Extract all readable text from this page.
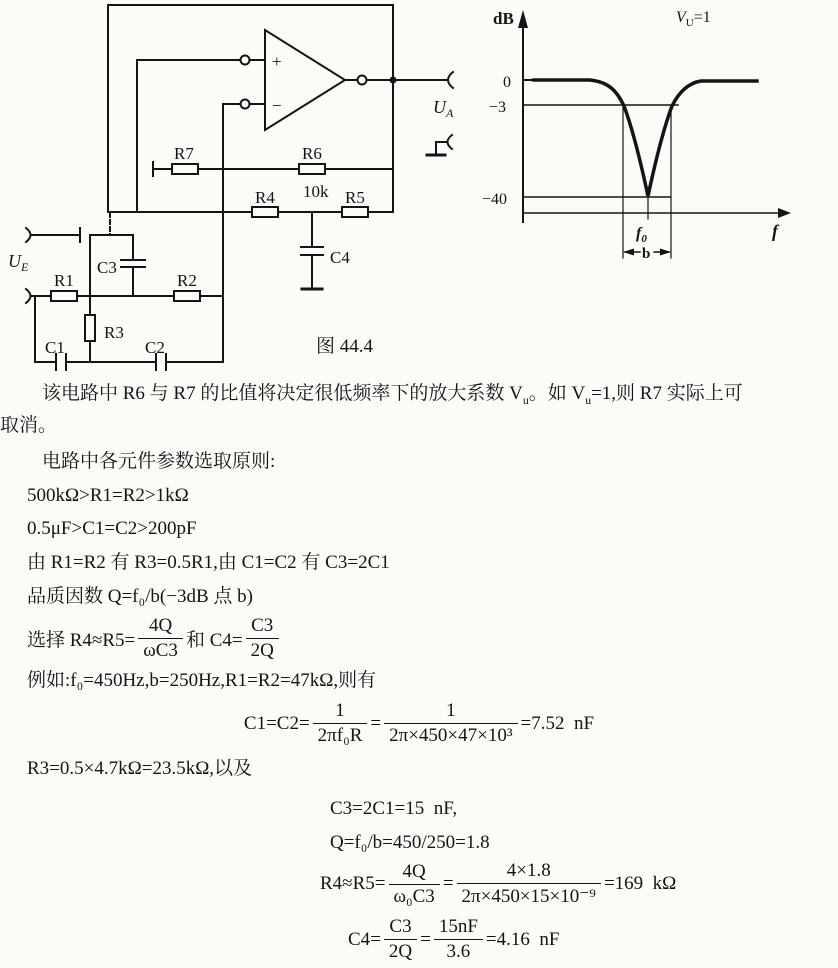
+
−	$U_A$
R7	R6
10k
R4	R5
C4
$U_E$
R1	R2
R3
C3
C1	C2	图 44.4
dB
f
0
−3
−40
$f_0$
b
$V_U=1$
该电路中 R6 与 R7 的比值将决定很低频率下的放大系数 $V_u$。如 $V_u=1$,则 R7 实际上可
取消。
电路中各元件参数选取原则:
500kΩ>R1=R2>1kΩ
0.5μF>C1=C2>200pF
由 R1=R2 有 R3=0.5R1,由 C1=C2 有 C3=2C1
品质因数 Q=f₀/b(−3dB 点 b)
选择 $R4\approx R5= \frac{4Q}{\omega C3}$ 和 $C4= \frac{C3}{2Q}$
例如:f₀=450Hz,b=250Hz,R1=R2=47kΩ,则有
$C1=C2= \frac{1}{\text{2πf₀R}} = \frac{1}{\text{2π×450×47×10³}} =7.52$  nF
R3=0.5×4.7kΩ=23.5kΩ,以及
C3=2C1=15  nF,
Q=f₀/b=450/250=1.8
$R4\approx R5= \frac{4Q}{\text{ω₀C3}} = \frac{4\times 1.8}{\text{2π×450×15×10⁻⁹}} =169$  kΩ
$C4= \frac{C3}{2Q} = \frac{15nF}{3.6} =4.16$  nF
